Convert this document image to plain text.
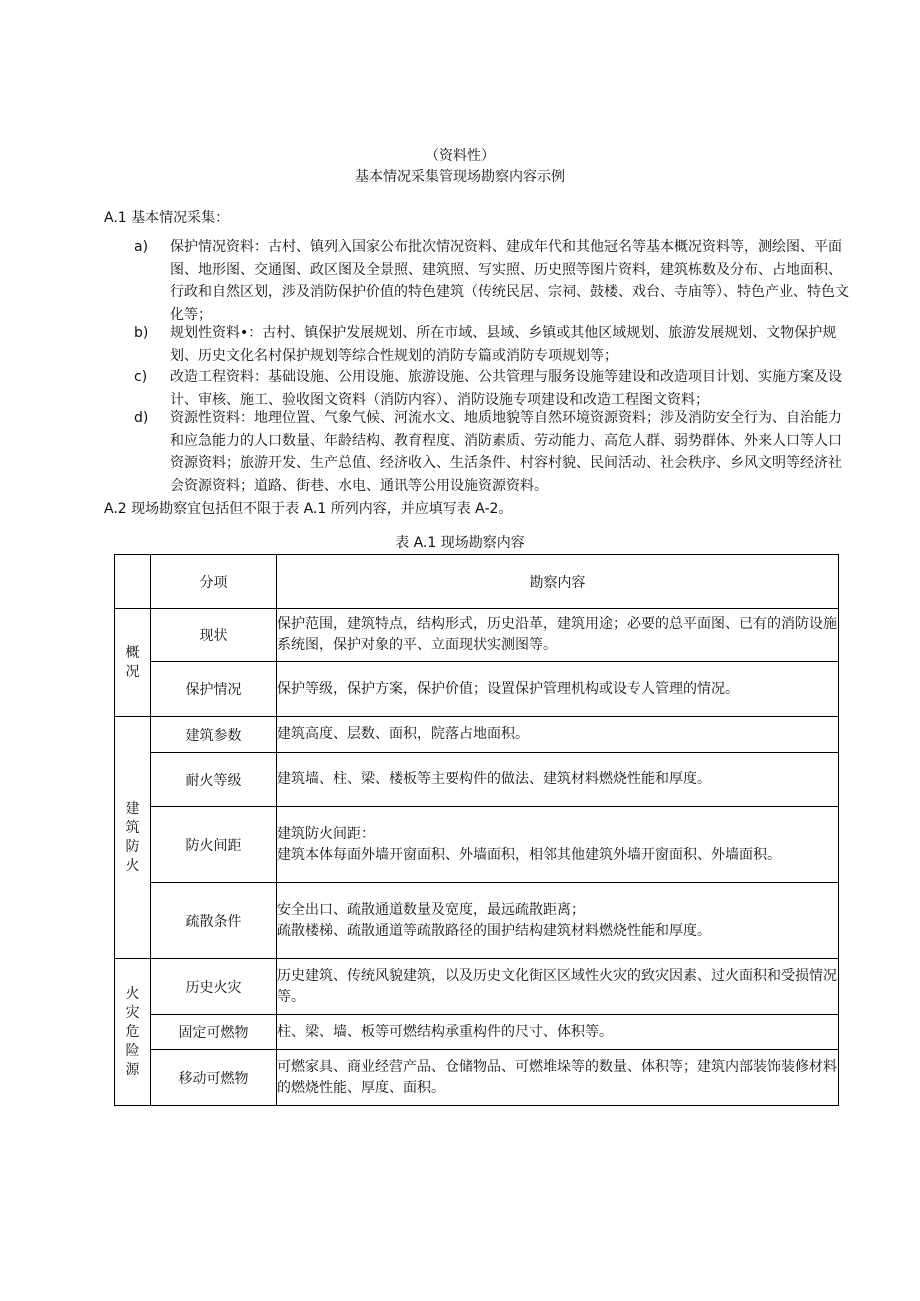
（资料性）
基本情况采集管现场勘察内容示例
A.1 基本情况采集：
a) 保护情况资料：古村、镇列入国家公布批次情况资料、建成年代和其他冠名等基本概况资料等，测绘图、平面图、地形图、交通图、政区图及全景照、建筑照、写实照、历史照等图片资料，建筑栋数及分布、占地面积、行政和自然区划，涉及消防保护价值的特色建筑（传统民居、宗祠、鼓楼、戏台、寺庙等）、特色产业、特色文化等；
b) 规划性资料•：古村、镇保护发展规划、所在市域、县域、乡镇或其他区域规划、旅游发展规划、文物保护规划、历史文化名村保护规划等综合性规划的消防专篇或消防专项规划等；
c) 改造工程资料：基础设施、公用设施、旅游设施、公共管理与服务设施等建设和改造项目计划、实施方案及设计、审核、施工、验收图文资料（消防内容）、消防设施专项建设和改造工程图文资料；
d) 资源性资料：地理位置、气象气候、河流水文、地质地貌等自然环境资源资料；涉及消防安全行为、自治能力和应急能力的人口数量、年龄结构、教育程度、消防素质、劳动能力、高危人群、弱势群体、外来人口等人口资源资料；旅游开发、生产总值、经济收入、生活条件、村容村貌、民间活动、社会秩序、乡风文明等经济社会资源资料；道路、街巷、水电、通讯等公用设施资源资料。
A.2 现场勘察宜包括但不限于表 A.1 所列内容，并应填写表 A-2。
表 A.1 现场勘察内容
	分项	勘察内容
概况	现状	保护范围，建筑特点，结构形式，历史沿革，建筑用途；必要的总平面图、已有的消防设施系统图，保护对象的平、立面现状实测图等。

	保护情况	保护等级，保护方案，保护价值；设置保护管理机构或设专人管理的情况。

建筑防火	建筑参数	建筑高度、层数、面积，院落占地面积。

	耐火等级	建筑墙、柱、梁、楼板等主要构件的做法、建筑材料燃烧性能和厚度。

	防火间距	建筑防火间距：
建筑本体每面外墙开窗面积、外墙面积，相邻其他建筑外墙开窗面积、外墙面积。

	疏散条件	安全出口、疏散通道数量及宽度，最远疏散距离；
疏散楼梯、疏散通道等疏散路径的围护结构建筑材料燃烧性能和厚度。

火灾危险源	历史火灾	历史建筑、传统风貌建筑，以及历史文化街区区域性火灾的致灾因素、过火面积和受损情况等。

	固定可燃物	柱、梁、墙、板等可燃结构承重构件的尺寸、体积等。

	移动可燃物	可燃家具、商业经营产品、仓储物品、可燃堆垛等的数量、体积等；建筑内部装饰装修材料的燃烧性能、厚度、面积。
